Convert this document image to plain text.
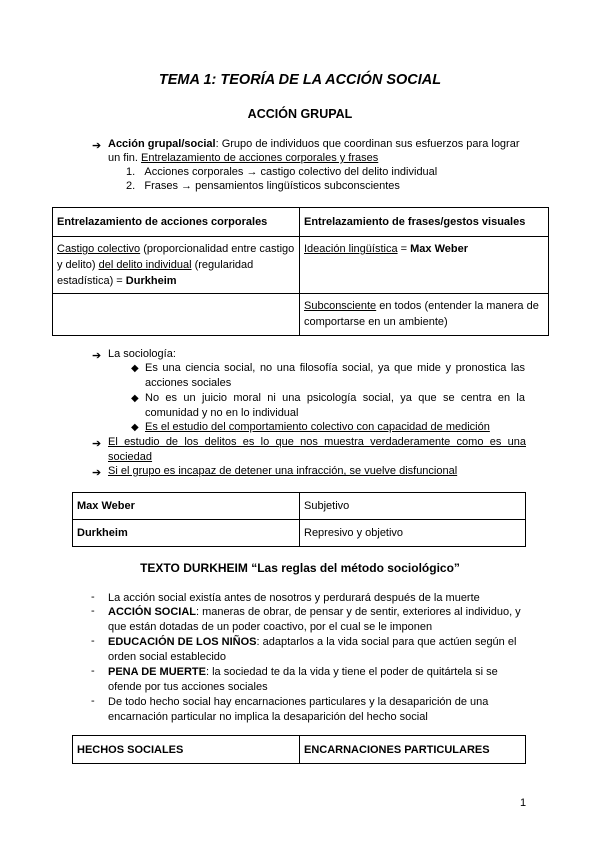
TEMA 1: TEORÍA DE LA ACCIÓN SOCIAL
ACCIÓN GRUPAL
➔ Acción grupal/social: Grupo de individuos que coordinan sus esfuerzos para lograr
un fin. Entrelazamiento de acciones corporales y frases
1. Acciones corporales → castigo colectivo del delito individual
2. Frases → pensamientos lingüísticos subconscientes
Entrelazamiento de acciones corporales	Entrelazamiento de frases/gestos visuales
Castigo colectivo (proporcionalidad entre castigo y delito) del delito individual (regularidad estadística) = Durkheim	Ideación lingüística = Max Weber
	Subconsciente en todos (entender la manera de comportarse en un ambiente)
➔ La sociología:
◆ Es una ciencia social, no una filosofía social, ya que mide y pronostica las acciones sociales
◆ No es un juicio moral ni una psicología social, ya que se centra en la comunidad y no en lo individual
◆ Es el estudio del comportamiento colectivo con capacidad de medición
➔ El estudio de los delitos es lo que nos muestra verdaderamente como es una sociedad
➔ Si el grupo es incapaz de detener una infracción, se vuelve disfuncional
Max Weber	Subjetivo
Durkheim	Represivo y objetivo
TEXTO DURKHEIM “Las reglas del método sociológico”
- La acción social existía antes de nosotros y perdurará después de la muerte
- ACCIÓN SOCIAL: maneras de obrar, de pensar y de sentir, exteriores al individuo, y que están dotadas de un poder coactivo, por el cual se le imponen
- EDUCACIÓN DE LOS NIÑOS: adaptarlos a la vida social para que actúen según el orden social establecido
- PENA DE MUERTE: la sociedad te da la vida y tiene el poder de quitártela si se ofende por tus acciones sociales
- De todo hecho social hay encarnaciones particulares y la desaparición de una encarnación particular no implica la desaparición del hecho social
HECHOS SOCIALES	ENCARNACIONES PARTICULARES
1
